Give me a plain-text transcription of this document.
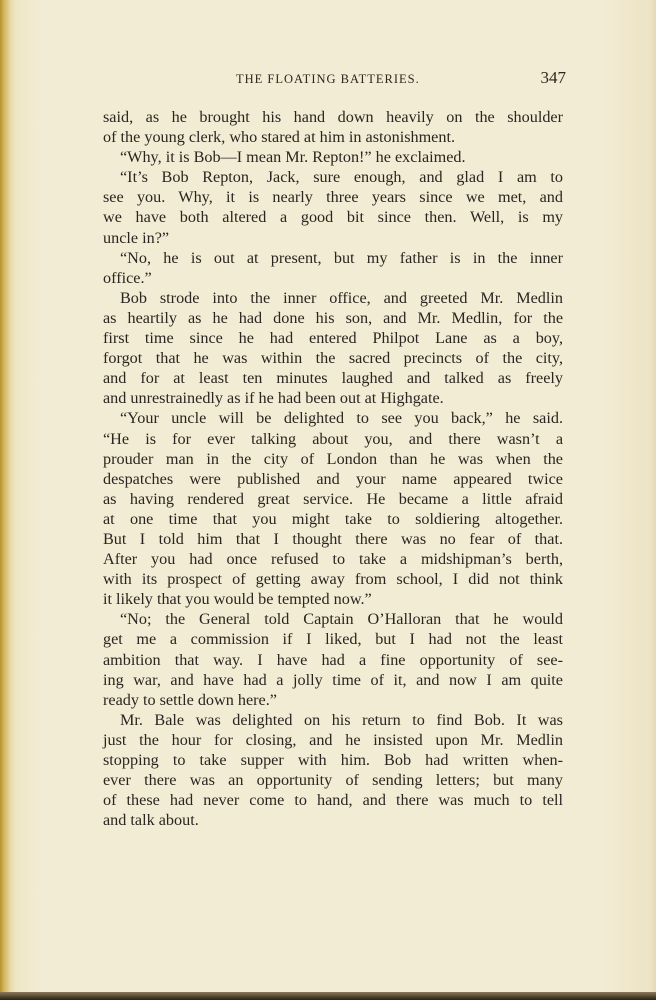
THE FLOATING BATTERIES.	347
said, as he brought his hand down heavily on the shoulder
of the young clerk, who stared at him in astonishment.
“Why, it is Bob—I mean Mr. Repton!” he exclaimed.
“It’s Bob Repton, Jack, sure enough, and glad I am to
see you. Why, it is nearly three years since we met, and
we have both altered a good bit since then. Well, is my
uncle in?”
“No, he is out at present, but my father is in the inner
office.”
Bob strode into the inner office, and greeted Mr. Medlin
as heartily as he had done his son, and Mr. Medlin, for the
first time since he had entered Philpot Lane as a boy,
forgot that he was within the sacred precincts of the city,
and for at least ten minutes laughed and talked as freely
and unrestrainedly as if he had been out at Highgate.
“Your uncle will be delighted to see you back,” he said.
“He is for ever talking about you, and there wasn’t a
prouder man in the city of London than he was when the
despatches were published and your name appeared twice
as having rendered great service. He became a little afraid
at one time that you might take to soldiering altogether.
But I told him that I thought there was no fear of that.
After you had once refused to take a midshipman’s berth,
with its prospect of getting away from school, I did not think
it likely that you would be tempted now.”
“No; the General told Captain O’Halloran that he would
get me a commission if I liked, but I had not the least
ambition that way. I have had a fine opportunity of see-
ing war, and have had a jolly time of it, and now I am quite
ready to settle down here.”
Mr. Bale was delighted on his return to find Bob. It was
just the hour for closing, and he insisted upon Mr. Medlin
stopping to take supper with him. Bob had written when-
ever there was an opportunity of sending letters; but many
of these had never come to hand, and there was much to tell
and talk about.
